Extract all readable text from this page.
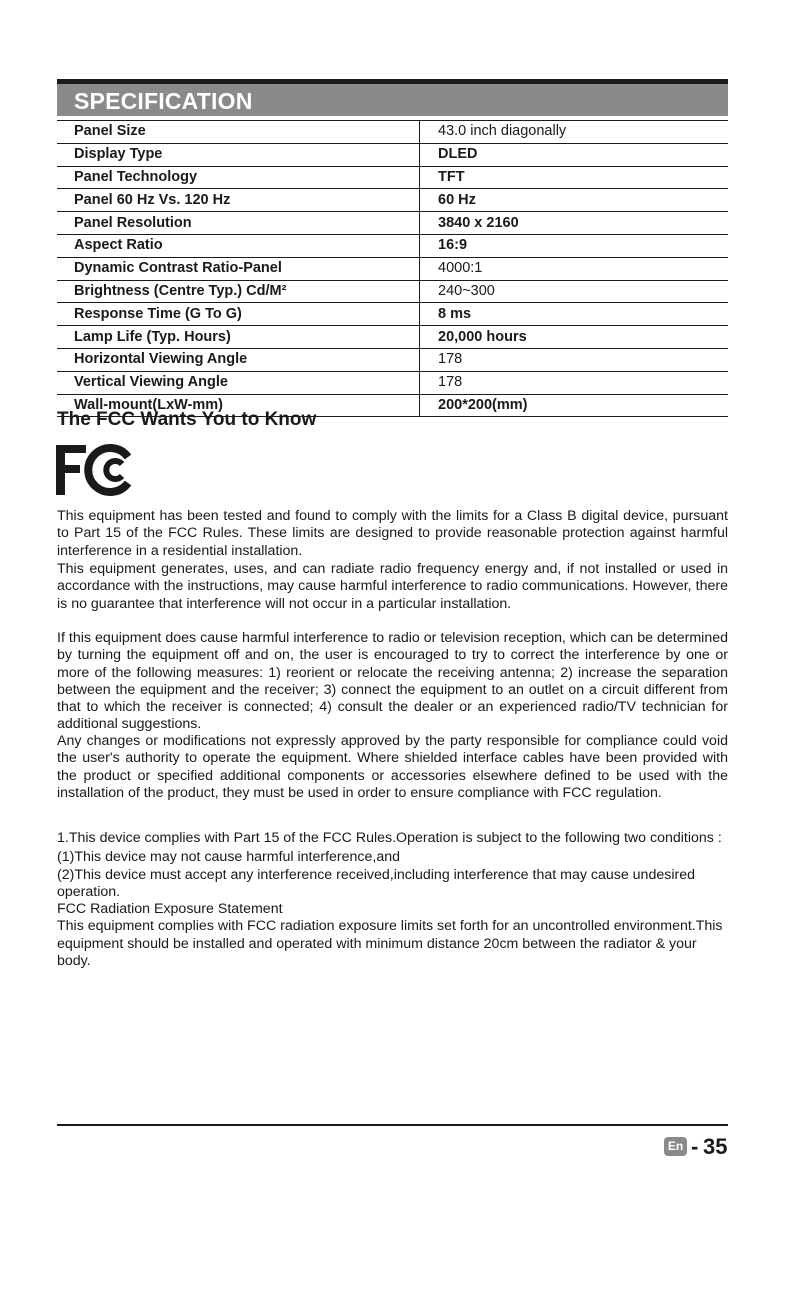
SPECIFICATION
Panel Size	43.0 inch diagonally
Display Type	DLED
Panel Technology	TFT
Panel 60 Hz Vs. 120 Hz	60 Hz
Panel Resolution	3840 x 2160
Aspect Ratio	16:9
Dynamic Contrast Ratio-Panel	4000:1
Brightness (Centre Typ.) Cd/M²	240~300
Response Time (G To G)	8 ms
Lamp Life (Typ. Hours)	20,000 hours
Horizontal Viewing Angle	178
Vertical Viewing Angle	178
Wall-mount(LxW-mm)	200*200(mm)
The FCC Wants You to Know

This equipment has been tested and found to comply with the limits for a Class B digital device, pursuant to Part 15 of the FCC Rules. These limits are designed to provide reasonable protection against harmful interference in a residential installation.

This equipment generates, uses, and can radiate radio frequency energy and, if not installed or used in accordance with the instructions, may cause harmful interference to radio communications. However, there is no guarantee that interference will not occur in a particular installation.

If this equipment does cause harmful interference to radio or television reception, which can be determined by turning the equipment off and on, the user is encouraged to try to correct the interference by one or more of the following measures: 1) reorient or relocate the receiving antenna; 2) increase the separation between the equipment and the receiver; 3) connect the equipment to an outlet on a circuit different from that to which the receiver is connected; 4) consult the dealer or an experienced radio/TV technician for additional suggestions.

Any changes or modifications not expressly approved by the party responsible for compliance could void the user's authority to operate the equipment. Where shielded interface cables have been provided with the product or specified additional components or accessories elsewhere defined to be used with the installation of the product, they must be used in order to ensure compliance with FCC regulation.

1.This device complies with Part 15 of the FCC Rules.Operation is subject to the following two conditions :
(1)This device may not cause harmful interference,and
(2)This device must accept any interference received,including interference that may cause undesired operation.
FCC Radiation Exposure Statement
This equipment complies with FCC radiation exposure limits set forth for an uncontrolled environment.This equipment should be installed and operated with minimum distance 20cm between the radiator & your body.
En - 35
